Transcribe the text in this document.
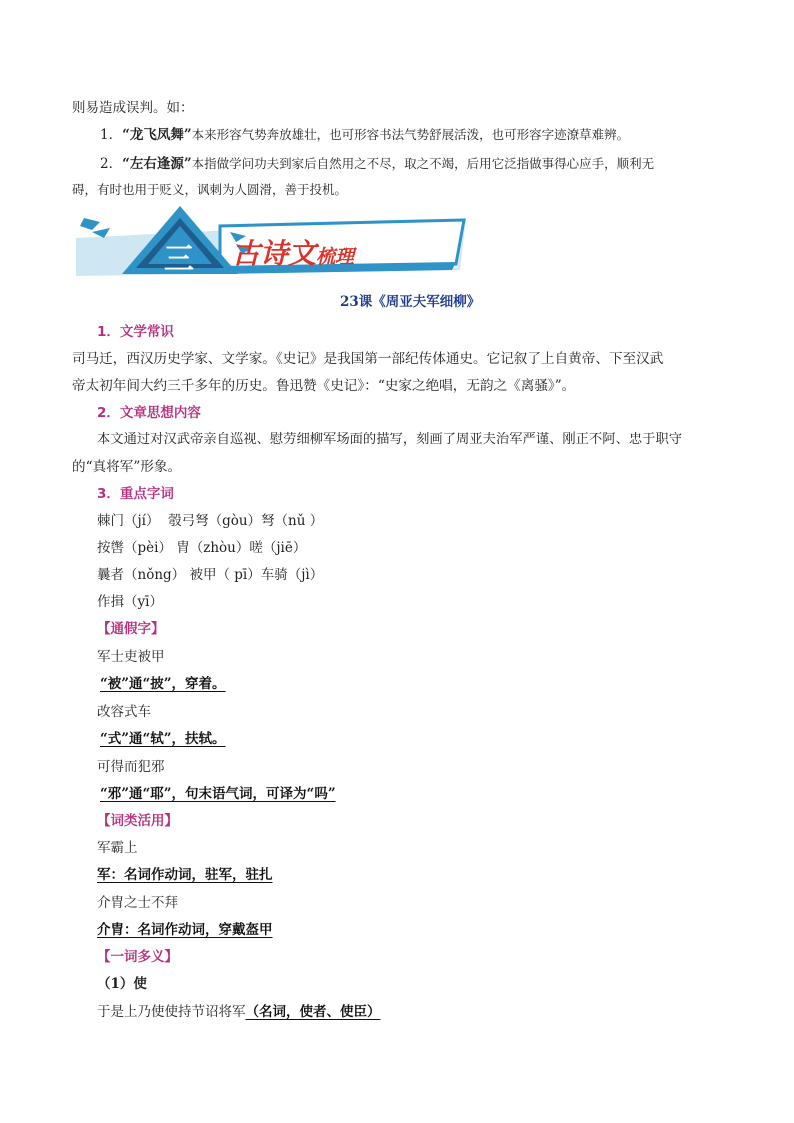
则易造成误判。如：
1．“龙飞凤舞”本来形容气势奔放雄壮，也可形容书法气势舒展活泼，也可形容字迹潦草难辨。
2．“左右逢源”本指做学问功夫到家后自然用之不尽，取之不竭，后用它泛指做事得心应手，顺利无
碍，有时也用于贬义，讽刺为人圆滑，善于投机。
三 古诗文梳理
23课《周亚夫军细柳》
1．文学常识
司马迁，西汉历史学家、文学家。《史记》是我国第一部纪传体通史。它记叙了上自黄帝、下至汉武
帝太初年间大约三千多年的历史。鲁迅赞《史记》：“史家之绝唱，无韵之《离骚》”。
2．文章思想内容
本文通过对汉武帝亲自巡视、慰劳细柳军场面的描写，刻画了周亚夫治军严谨、刚正不阿、忠于职守
的“真将军”形象。
3．重点字词
棘门（jí）  彀弓弩（gòu）弩（nǔ ）
按辔（pèi） 胄（zhòu）嗟（jiē）
曩者（nǒng） 被甲（ pī）车骑（jì）
作揖（yī）
【通假字】
军士吏被甲
“被”通“披”，穿着。
改容式车
“式”通“轼”，扶轼。
可得而犯邪
“邪”通“耶”，句末语气词，可译为“吗”
【词类活用】
军霸上
军：名词作动词，驻军，驻扎
介胄之士不拜
介胄：名词作动词，穿戴盔甲
【一词多义】
（1）使
于是上乃使使持节诏将军（名词，使者、使臣）
